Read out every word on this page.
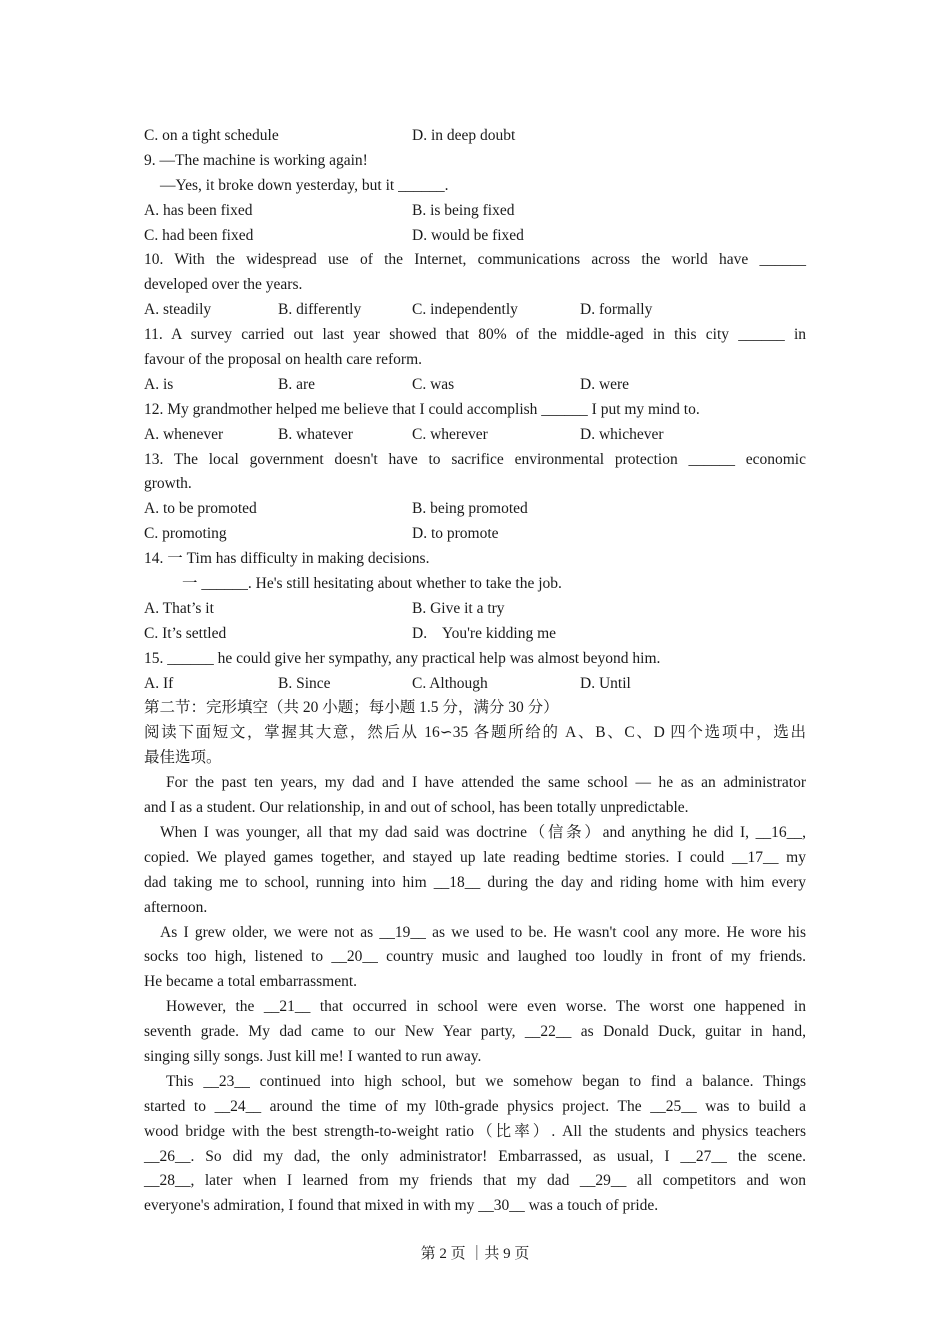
C. on a tight schedule	D. in deep doubt
9. —The machine is working again!
—Yes, it broke down yesterday, but it ______.
A. has been fixed	B. is being fixed
C. had been fixed	D. would be fixed
10. With the widespread use of the Internet, communications across the world have ______
developed over the years.
A. steadily	B. differently	C. independently	D. formally
11. A survey carried out last year showed that 80% of the middle-aged in this city ______ in
favour of the proposal on health care reform.
A. is	B. are	C. was	D. were
12. My grandmother helped me believe that I could accomplish ______ I put my mind to.
A. whenever	B. whatever	C. wherever	D. whichever
13. The local government doesn't have to sacrifice environmental protection ______ economic
growth.
A. to be promoted	B. being promoted
C. promoting	D. to promote
14. 一 Tim has difficulty in making decisions.
一 ______. He's still hesitating about whether to take the job.
A. That’s it	B. Give it a try
C. It’s settled	D.    You're kidding me
15. ______ he could give her sympathy, any practical help was almost beyond him.
A. If	B. Since	C. Although	D. Until
第二节：完形填空（共 20 小题；每小题 1.5 分，满分 30 分）
阅读下面短文，掌握其大意，然后从 16∽35 各题所给的 A、B、C、D 四个选项中，选出
最佳选项。
For the past ten years, my dad and I have attended the same school — he as an administrator
and I as a student. Our relationship, in and out of school, has been totally unpredictable.
When I was younger, all that my dad said was doctrine（信条）and anything he did I, __16__,
copied. We played games together, and stayed up late reading bedtime stories. I could __17__ my
dad taking me to school, running into him __18__ during the day and riding home with him every
afternoon.
As I grew older, we were not as __19__ as we used to be. He wasn't cool any more. He wore his
socks too high, listened to __20__ country music and laughed too loudly in front of my friends.
He became a total embarrassment.
However, the __21__ that occurred in school were even worse. The worst one happened in
seventh grade. My dad came to our New Year party, __22__ as Donald Duck, guitar in hand,
singing silly songs. Just kill me! I wanted to run away.
This __23__ continued into high school, but we somehow began to find a balance. Things
started to __24__ around the time of my l0th-grade physics project. The __25__ was to build a
wood bridge with the best strength-to-weight ratio（比率）. All the students and physics teachers
__26__. So did my dad, the only administrator! Embarrassed, as usual, I __27__ the scene.
__28__, later when I learned from my friends that my dad __29__ all competitors and won
everyone's admiration, I found that mixed in with my __30__ was a touch of pride.
第 2 页 ｜共 9 页
